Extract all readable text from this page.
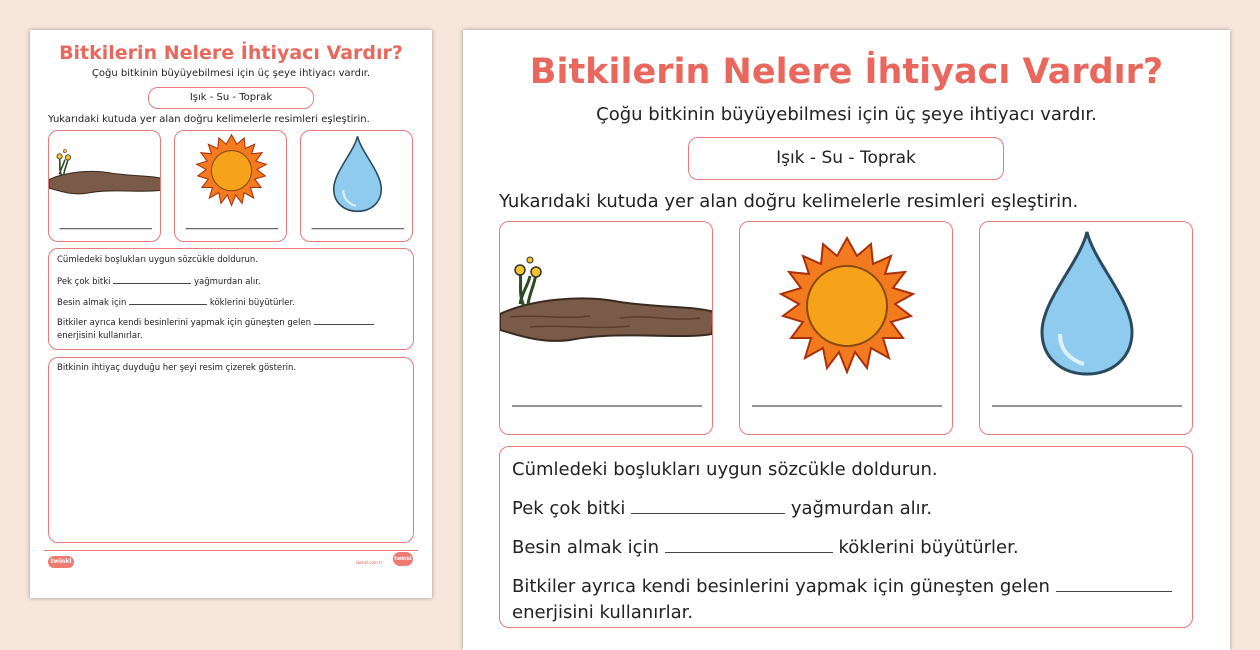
Bitkilerin Nelere İhtiyacı Vardır?
Çoğu bitkinin büyüyebilmesi için üç şeye ihtiyacı vardır.
Işık - Su - Toprak
Yukarıdaki kutuda yer alan doğru kelimelerle resimleri eşleştirin.
Cümledeki boşlukları uygun sözcükle doldurun.
Pek çok bitki	yağmurdan alır.
Besin almak için	köklerini büyütürler.
Bitkiler ayrıca kendi besinlerini yapmak için güneşten gelen
enerjisini kullanırlar.
Bitkinin ihtiyaç duyduğu her şeyi resim çizerek gösterin.
twinkl	twinkl.com.tr
twinkl
Bitkilerin Nelere İhtiyacı Vardır?
Çoğu bitkinin büyüyebilmesi için üç şeye ihtiyacı vardır.
Işık - Su - Toprak
Yukarıdaki kutuda yer alan doğru kelimelerle resimleri eşleştirin.
Cümledeki boşlukları uygun sözcükle doldurun.
Pek çok bitki	yağmurdan alır.
Besin almak için	köklerini büyütürler.
Bitkiler ayrıca kendi besinlerini yapmak için güneşten gelen
enerjisini kullanırlar.
